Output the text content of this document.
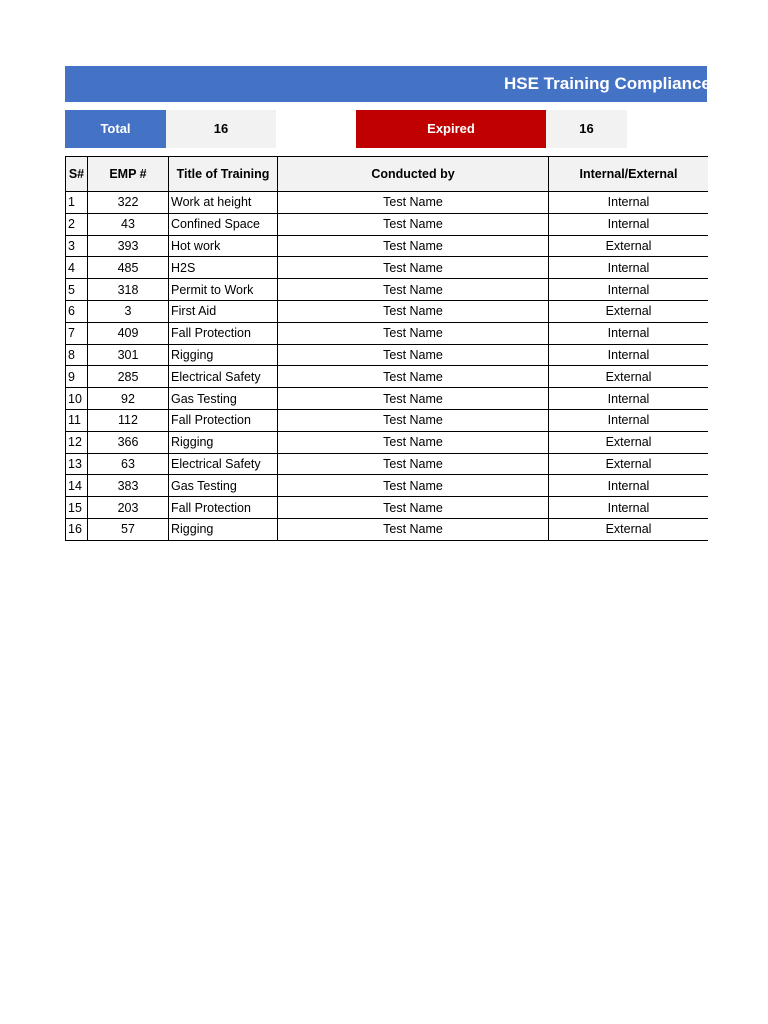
HSE Training Compliance
Total	16	Expired	16
S#	EMP #	Title of Training	Conducted by	Internal/External
1	322	Work at height	Test Name	Internal
2	43	Confined Space	Test Name	Internal
3	393	Hot work	Test Name	External
4	485	H2S	Test Name	Internal
5	318	Permit to Work	Test Name	Internal
6	3	First Aid	Test Name	External
7	409	Fall Protection	Test Name	Internal
8	301	Rigging	Test Name	Internal
9	285	Electrical Safety	Test Name	External
10	92	Gas Testing	Test Name	Internal
11	112	Fall Protection	Test Name	Internal
12	366	Rigging	Test Name	External
13	63	Electrical Safety	Test Name	External
14	383	Gas Testing	Test Name	Internal
15	203	Fall Protection	Test Name	Internal
16	57	Rigging	Test Name	External
